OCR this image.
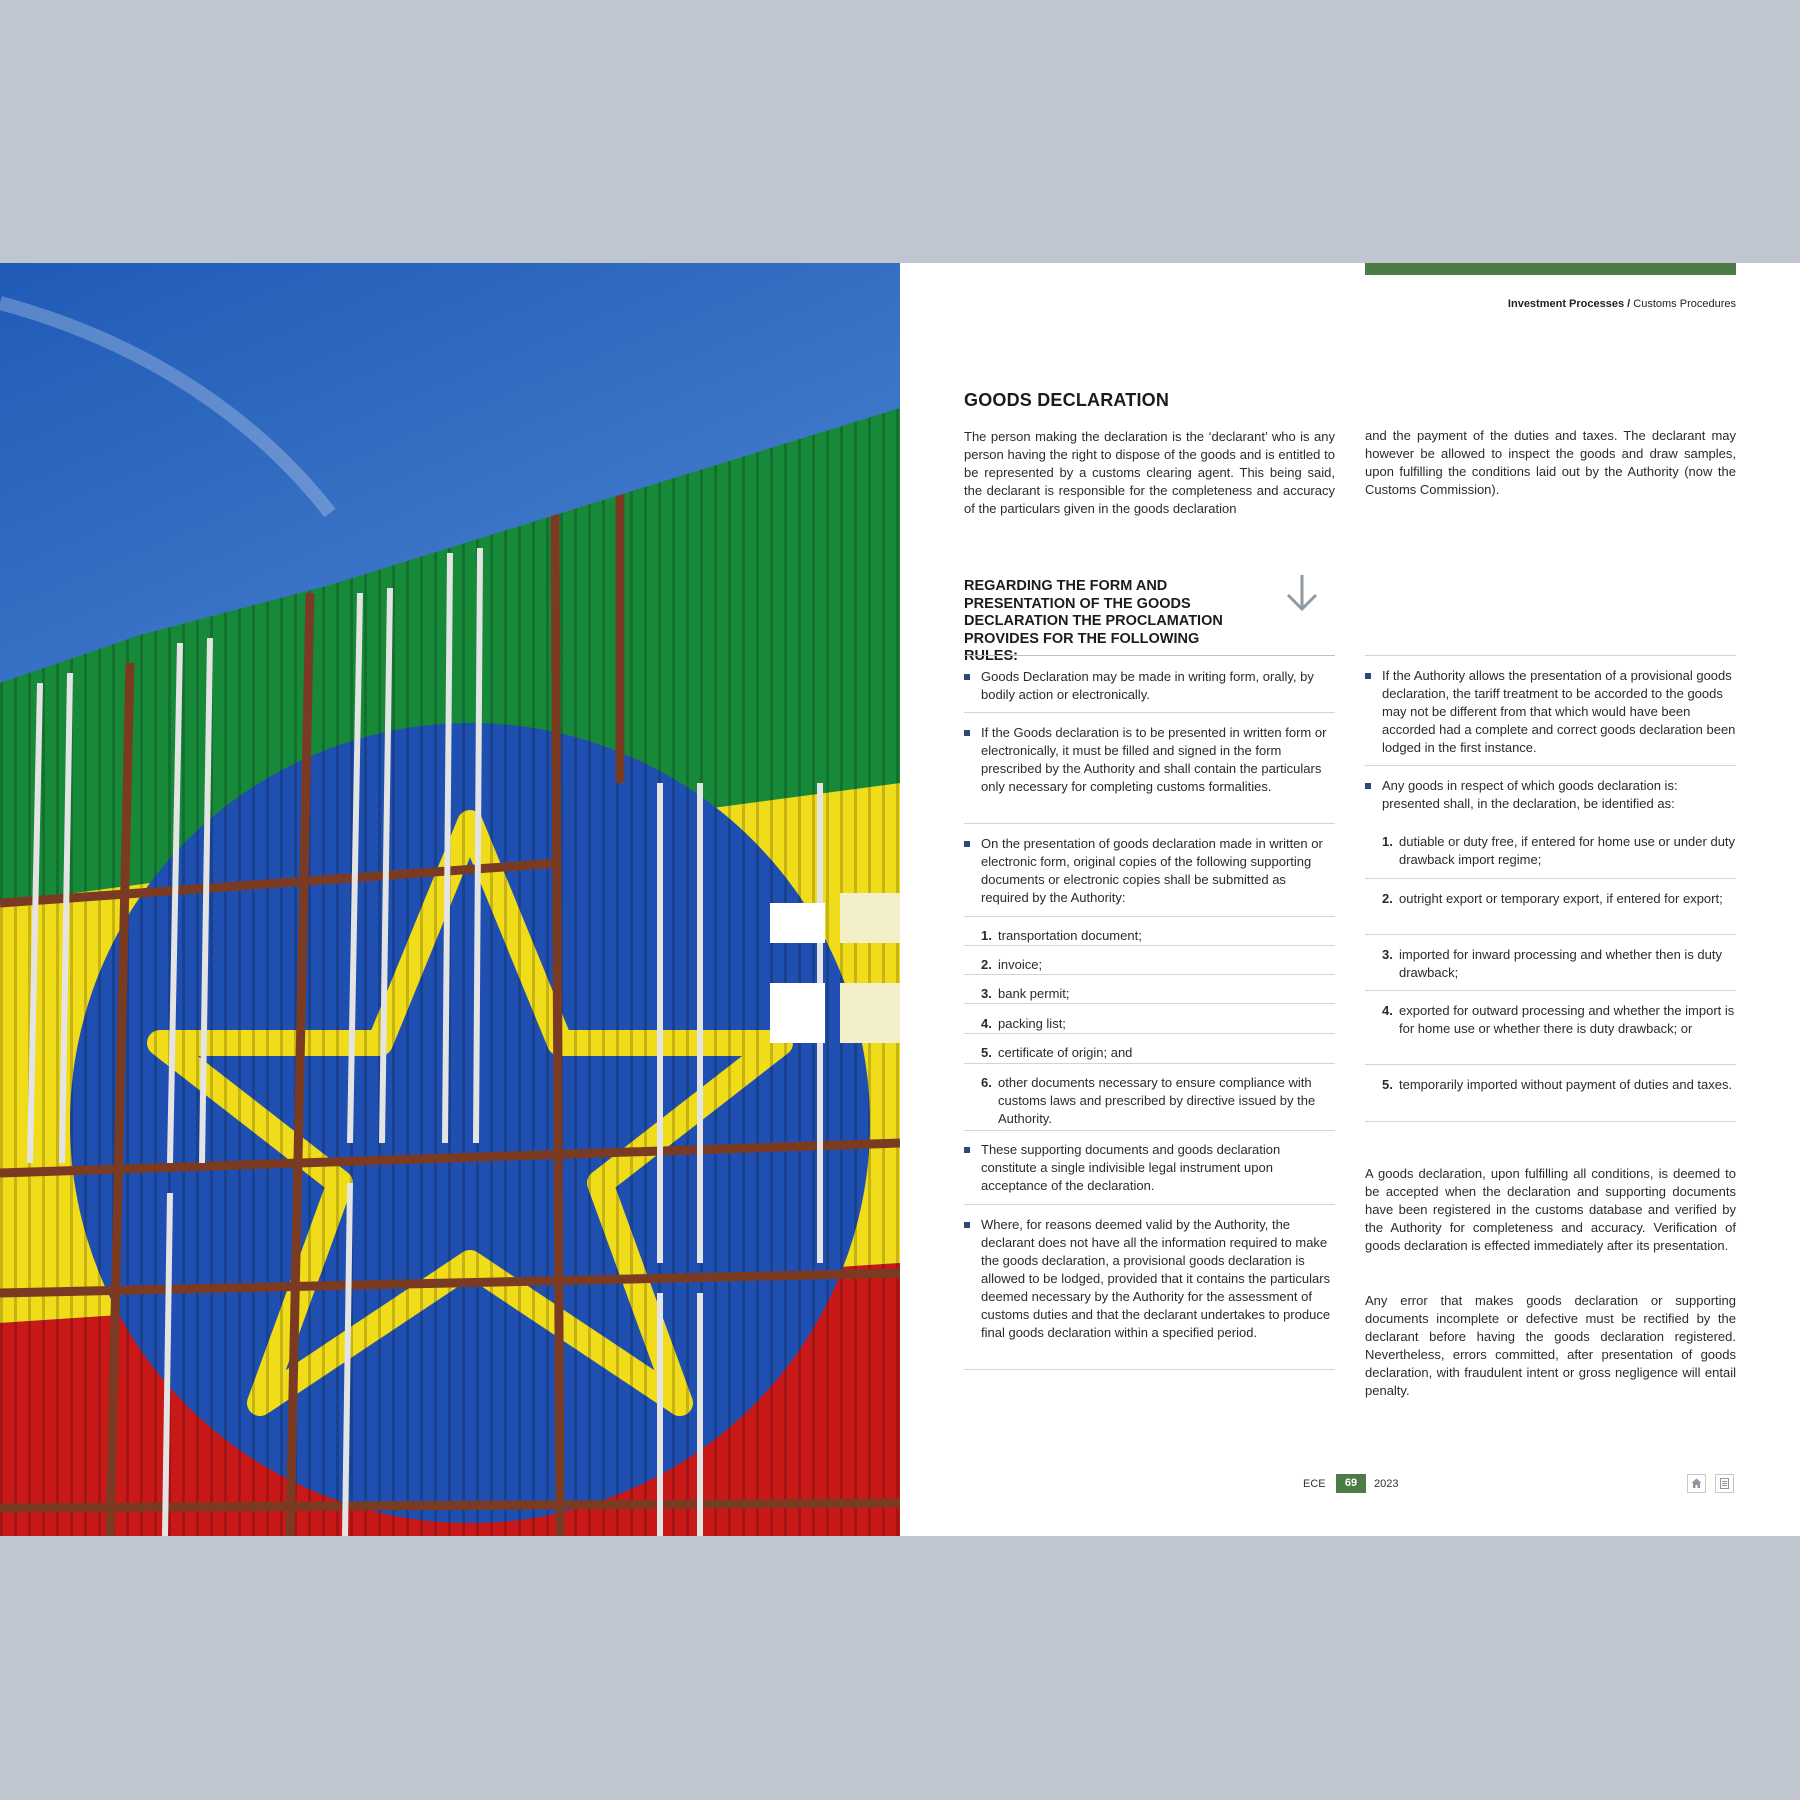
Investment Processes / Customs Procedures
GOODS DECLARATION

The person making the declaration is the ‘declarant’ who is any person having the right to dispose of the goods and is entitled to be represented by a customs clearing agent. This being said, the declarant is responsible for the completeness and accuracy of the particulars given in the goods declaration

and the payment of the duties and taxes. The declarant may however be allowed to inspect the goods and draw samples, upon fulfilling the conditions laid out by the Authority (now the Customs Commission).

REGARDING THE FORM AND PRESENTATION OF THE GOODS DECLARATION THE PROCLAMATION PROVIDES FOR THE FOLLOWING RULES:
Goods Declaration may be made in writing form, orally, by bodily action or electronically.
If the Goods declaration is to be presented in written form or electronically, it must be filled and signed in the form prescribed by the Authority and shall contain the particulars only necessary for completing customs formalities.
On the presentation of goods declaration made in written or electronic form, original copies of the following supporting documents or electronic copies shall be submitted as required by the Authority:
1. transportation document;
2. invoice;
3. bank permit;
4. packing list;
5. certificate of origin; and
6. other documents necessary to ensure compliance with customs laws and prescribed by directive issued by the Authority.
These supporting documents and goods declaration constitute a single indivisible legal instrument upon acceptance of the declaration.
Where, for reasons deemed valid by the Authority, the declarant does not have all the information required to make the goods declaration, a provisional goods declaration is allowed to be lodged, provided that it contains the particulars deemed necessary by the Authority for the assessment of customs duties and that the declarant undertakes to produce final goods declaration within a specified period.
If the Authority allows the presentation of a provisional goods declaration, the tariff treatment to be accorded to the goods may not be different from that which would have been accorded had a complete and correct goods declaration been lodged in the first instance.
Any goods in respect of which goods declaration is: presented shall, in the declaration, be identified as:
1. dutiable or duty free, if entered for home use or under duty drawback import regime;
2. outright export or temporary export, if entered for export;
3. imported for inward processing and whether then is duty drawback;
4. exported for outward processing and whether the import is for home use or whether there is duty drawback; or
5. temporarily imported without payment of duties and taxes.

A goods declaration, upon fulfilling all conditions, is deemed to be accepted when the declaration and supporting documents have been registered in the customs database and verified by the Authority for completeness and accuracy. Verification of goods declaration is effected immediately after its presentation.

Any error that makes goods declaration or supporting documents incomplete or defective must be rectified by the declarant before having the goods declaration registered. Nevertheless, errors committed, after presentation of goods declaration, with fraudulent intent or gross negligence will entail penalty.

ECE	69	2023
